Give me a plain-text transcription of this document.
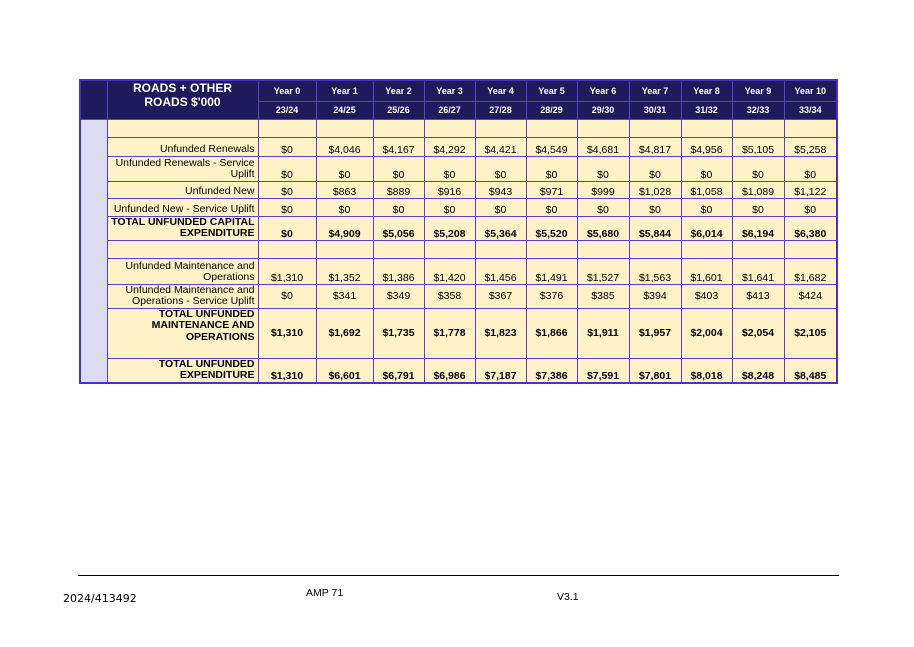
	ROADS + OTHER ROADS $'000	Year 0	Year 1	Year 2	Year 3	Year 4	Year 5	Year 6	Year 7	Year 8	Year 9	Year 10
		23/24	24/25	25/26	26/27	27/28	28/29	29/30	30/31	31/32	32/33	33/34

	Unfunded Renewals	$0	$4,046	$4,167	$4,292	$4,421	$4,549	$4,681	$4,817	$4,956	$5,105	$5,258
	Unfunded Renewals - Service Uplift	$0	$0	$0	$0	$0	$0	$0	$0	$0	$0	$0
	Unfunded New	$0	$863	$889	$916	$943	$971	$999	$1,028	$1,058	$1,089	$1,122
	Unfunded New - Service Uplift	$0	$0	$0	$0	$0	$0	$0	$0	$0	$0	$0
	TOTAL UNFUNDED CAPITAL EXPENDITURE	$0	$4,909	$5,056	$5,208	$5,364	$5,520	$5,680	$5,844	$6,014	$6,194	$6,380

	Unfunded Maintenance and Operations	$1,310	$1,352	$1,386	$1,420	$1,456	$1,491	$1,527	$1,563	$1,601	$1,641	$1,682
	Unfunded Maintenance and Operations - Service Uplift	$0	$341	$349	$358	$367	$376	$385	$394	$403	$413	$424
	TOTAL UNFUNDED MAINTENANCE AND OPERATIONS	$1,310	$1,692	$1,735	$1,778	$1,823	$1,866	$1,911	$1,957	$2,004	$2,054	$2,105
	TOTAL UNFUNDED EXPENDITURE	$1,310	$6,601	$6,791	$6,986	$7,187	$7,386	$7,591	$7,801	$8,018	$8,248	$8,485
2024/413492	AMP 71	V3.1
